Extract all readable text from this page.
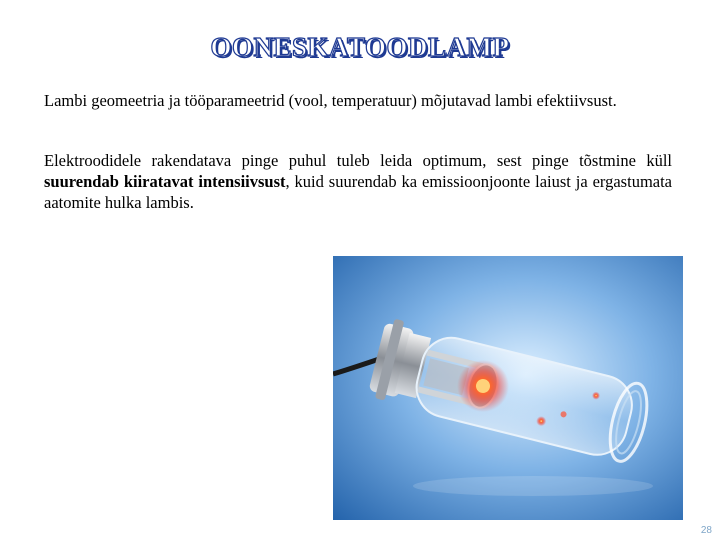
OONESKATOODLAMP

Lambi geomeetria ja tööparameetrid (vool, temperatuur) mõjutavad lambi efektiivsust.

Elektroodidele rakendatava pinge puhul tuleb leida optimum, sest pinge tõstmine küll suurendab kiiratavat intensiivsust, kuid suurendab ka emissioonjoonte laiust ja ergastumata aatomite hulka lambis.

28
